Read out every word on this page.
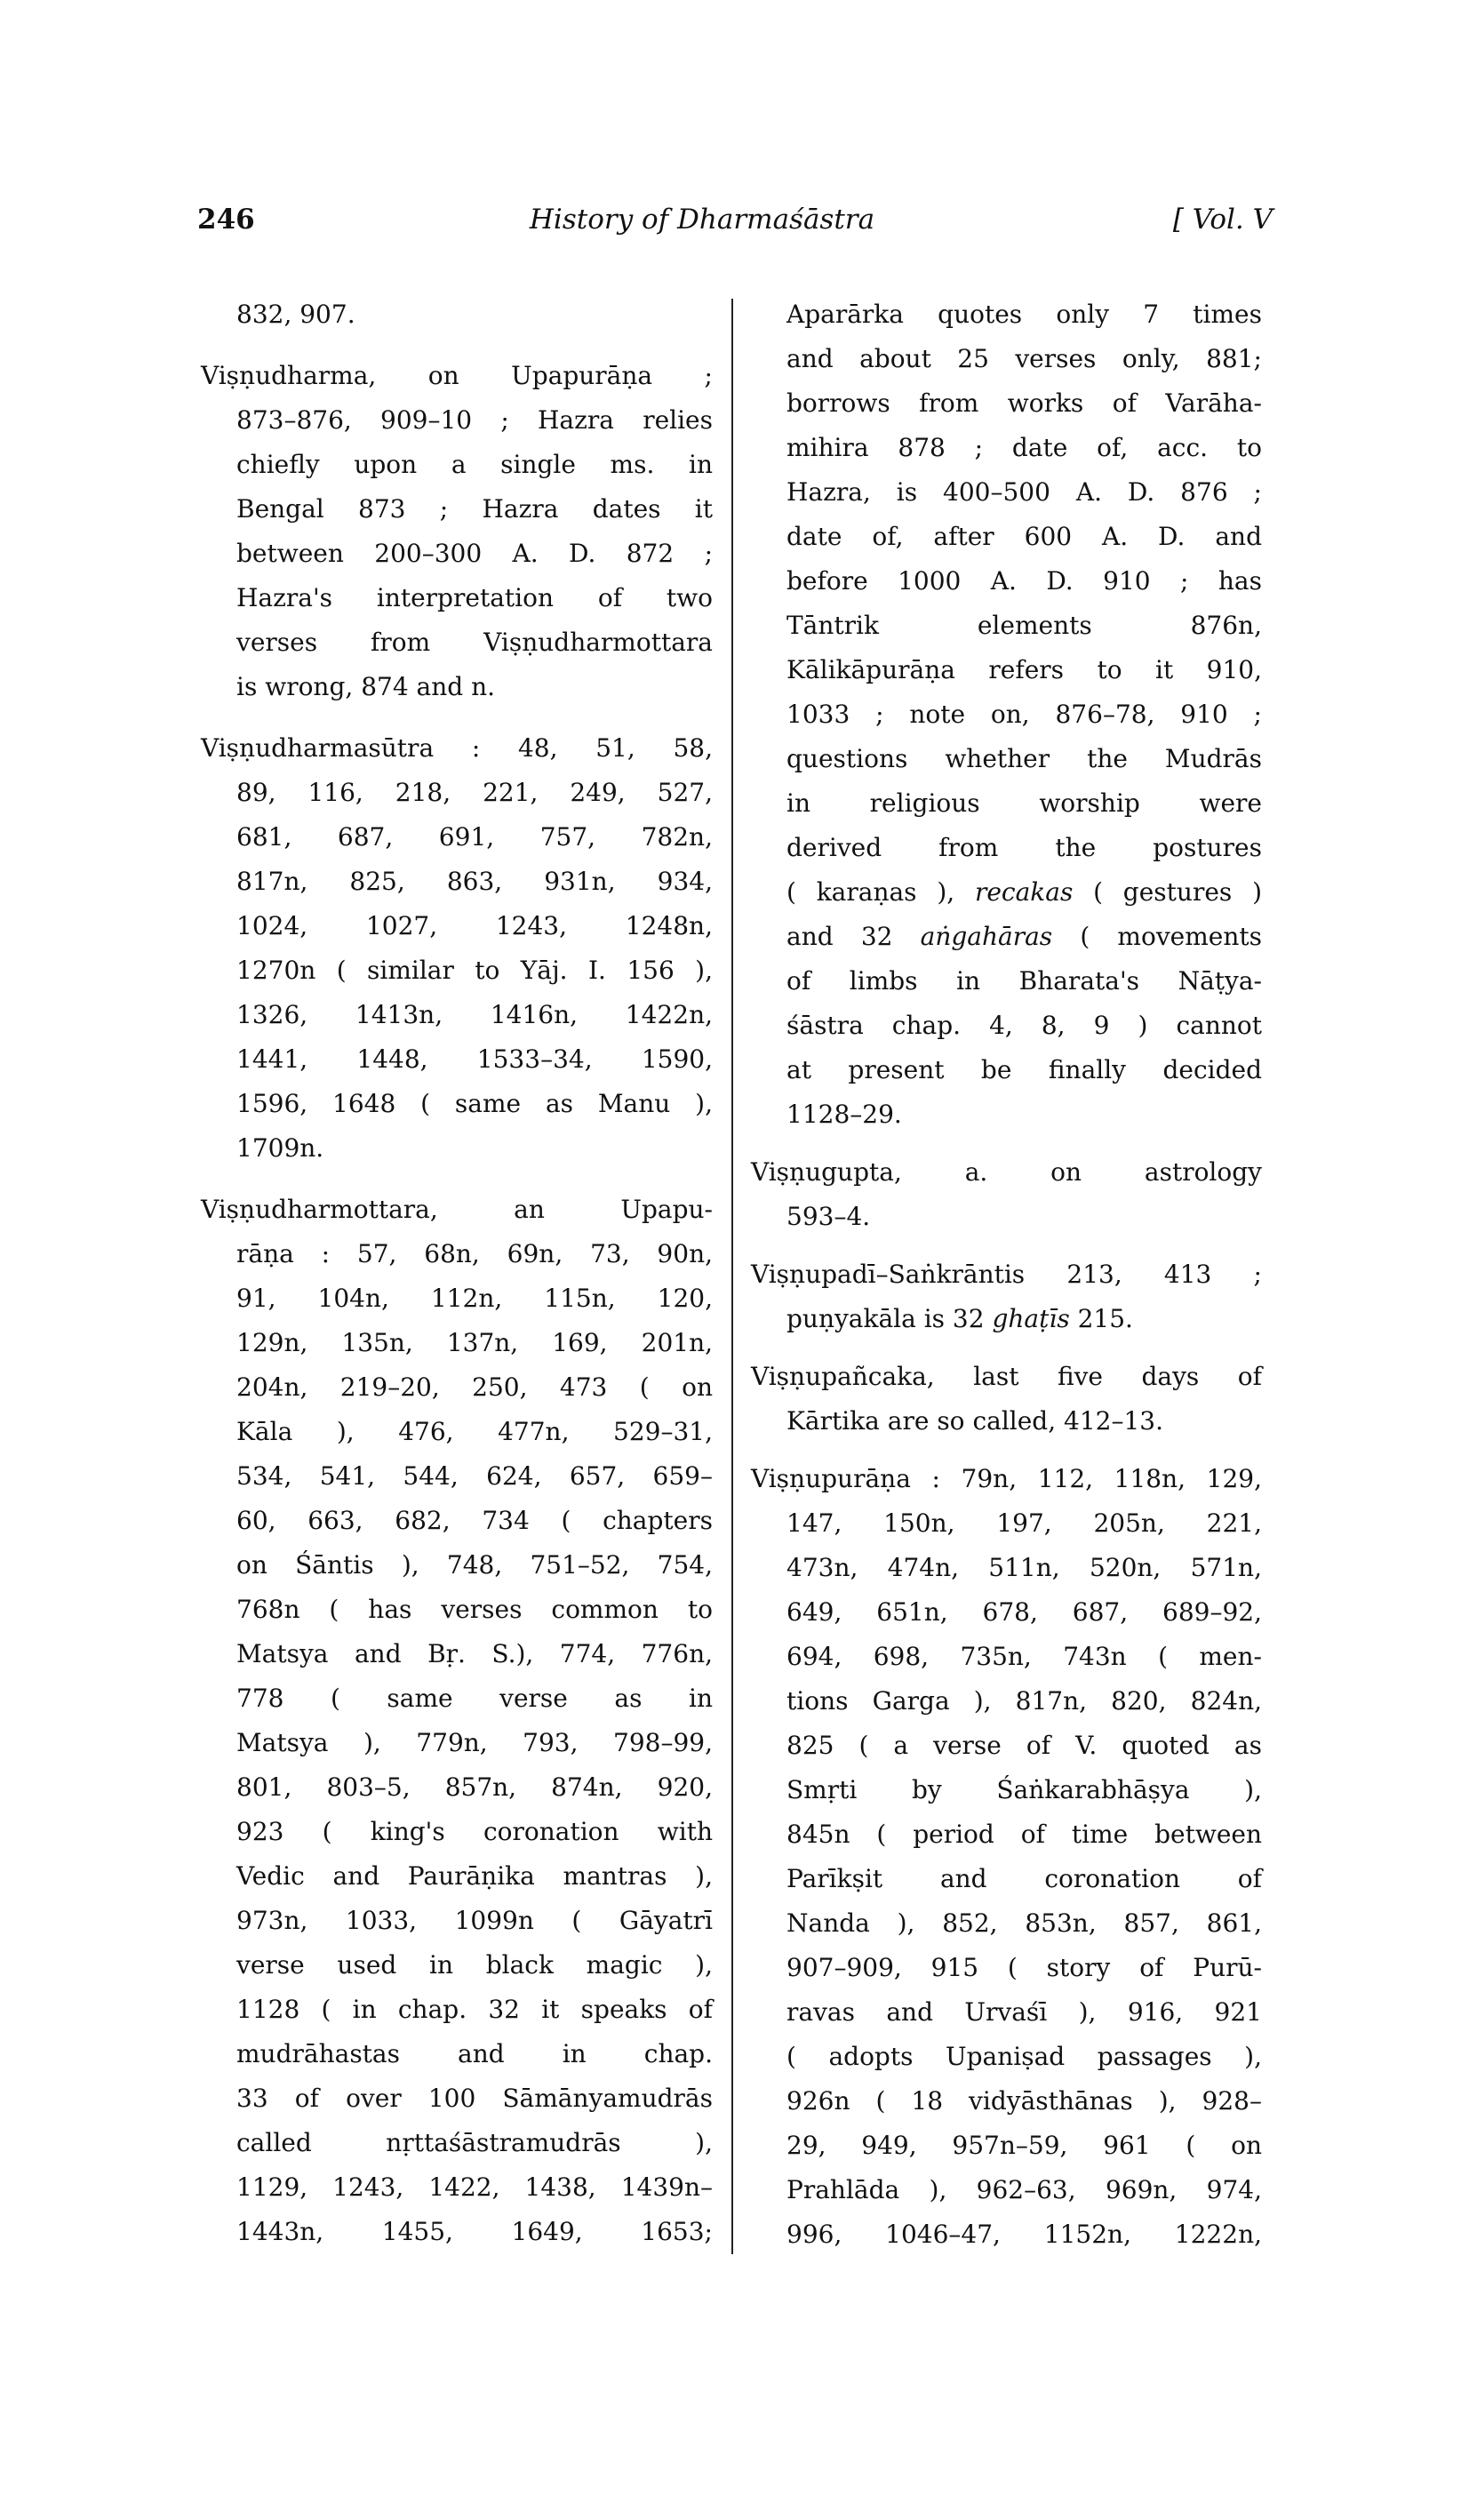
246	History of Dharmaśāstra	[ Vol. V
832, 907.
Viṣṇudharma, on Upapurāṇa ;
873–876, 909–10 ; Hazra relies
chiefly upon a single ms. in
Bengal 873 ; Hazra dates it
between 200–300 A. D. 872 ;
Hazra's interpretation of two
verses from Viṣṇudharmottara
is wrong, 874 and n.
Viṣṇudharmasūtra : 48, 51, 58,
89, 116, 218, 221, 249, 527,
681, 687, 691, 757, 782n,
817n, 825, 863, 931n, 934,
1024, 1027, 1243, 1248n,
1270n ( similar to Yāj. I. 156 ),
1326, 1413n, 1416n, 1422n,
1441, 1448, 1533–34, 1590,
1596, 1648 ( same as Manu ),
1709n.
Viṣṇudharmottara, an Upapu-
rāṇa : 57, 68n, 69n, 73, 90n,
91, 104n, 112n, 115n, 120,
129n, 135n, 137n, 169, 201n,
204n, 219–20, 250, 473 ( on
Kāla ), 476, 477n, 529–31,
534, 541, 544, 624, 657, 659–
60, 663, 682, 734 ( chapters
on Śāntis ), 748, 751–52, 754,
768n ( has verses common to
Matsya and Bṛ. S.), 774, 776n,
778 ( same verse as in
Matsya ), 779n, 793, 798–99,
801, 803–5, 857n, 874n, 920,
923 ( king's coronation with
Vedic and Paurāṇika mantras ),
973n, 1033, 1099n ( Gāyatrī
verse used in black magic ),
1128 ( in chap. 32 it speaks of
mudrāhastas and in chap.
33 of over 100 Sāmānyamudrās
called nṛttaśāstramudrās ),
1129, 1243, 1422, 1438, 1439n–
1443n, 1455, 1649, 1653;
Aparārka quotes only 7 times
and about 25 verses only, 881;
borrows from works of Varāha-
mihira 878 ; date of, acc. to
Hazra, is 400–500 A. D. 876 ;
date of, after 600 A. D. and
before 1000 A. D. 910 ; has
Tāntrik elements 876n,
Kālikāpurāṇa refers to it 910,
1033 ; note on, 876–78, 910 ;
questions whether the Mudrās
in religious worship were
derived from the postures
( karaṇas ), recakas ( gestures )
and 32 aṅgahāras ( movements
of limbs in Bharata's Nāṭya-
śāstra chap. 4, 8, 9 ) cannot
at present be finally decided
1128–29.
Viṣṇugupta, a. on astrology
593–4.
Viṣṇupadī–Saṅkrāntis 213, 413 ;
puṇyakāla is 32 ghaṭīs 215.
Viṣṇupañcaka, last five days of
Kārtika are so called, 412–13.
Viṣṇupurāṇa : 79n, 112, 118n, 129,
147, 150n, 197, 205n, 221,
473n, 474n, 511n, 520n, 571n,
649, 651n, 678, 687, 689–92,
694, 698, 735n, 743n ( men-
tions Garga ), 817n, 820, 824n,
825 ( a verse of V. quoted as
Smṛti by Śaṅkarabhāṣya ),
845n ( period of time between
Parīkṣit and coronation of
Nanda ), 852, 853n, 857, 861,
907–909, 915 ( story of Purū-
ravas and Urvaśī ), 916, 921
( adopts Upaniṣad passages ),
926n ( 18 vidyāsthānas ), 928–
29, 949, 957n–59, 961 ( on
Prahlāda ), 962–63, 969n, 974,
996, 1046–47, 1152n, 1222n,
